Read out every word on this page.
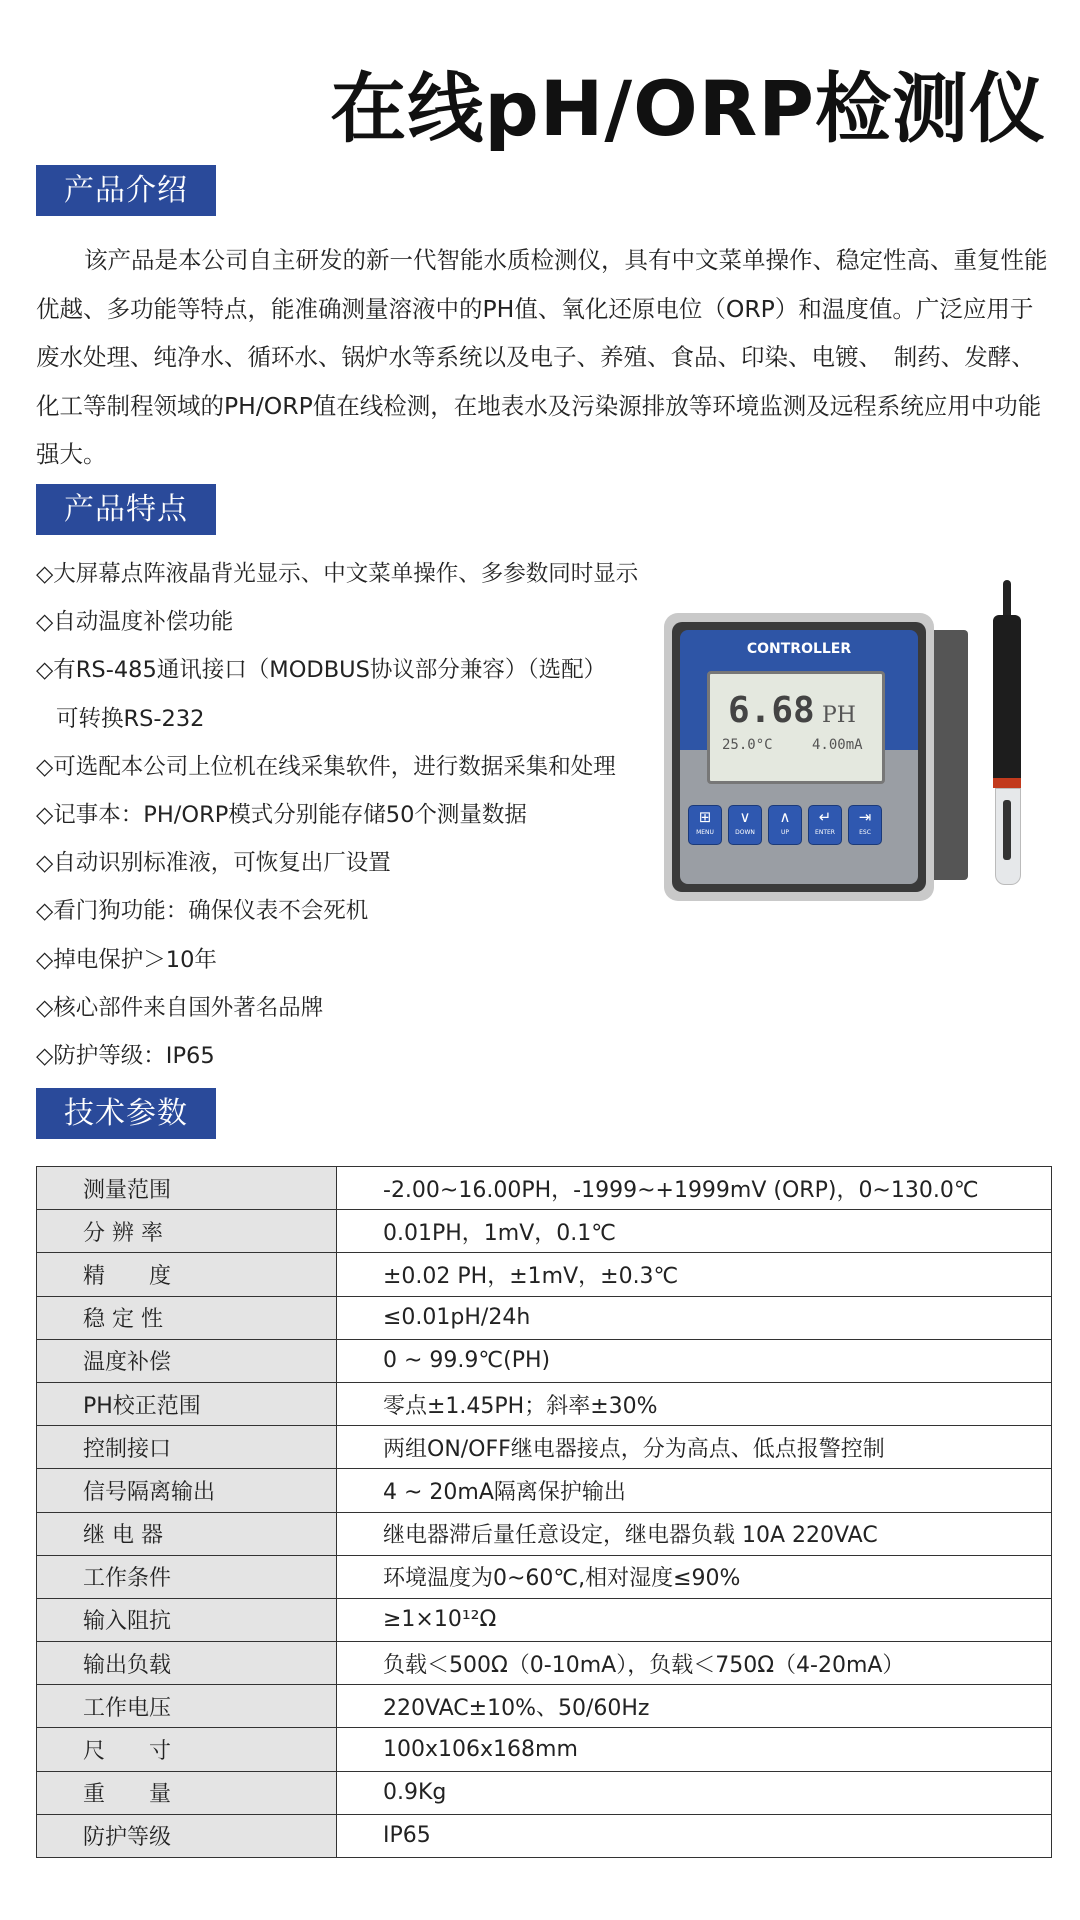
在线pH/ORP检测仪
产品介绍

该产品是本公司自主研发的新一代智能水质检测仪，具有中文菜单操作、稳定性高、重复性能优越、多功能等特点，能准确测量溶液中的PH值、氧化还原电位（ORP）和温度值。广泛应用于废水处理、纯净水、循环水、锅炉水等系统以及电子、养殖、食品、印染、电镀、　制药、发酵、化工等制程领域的PH/ORP值在线检测，在地表水及污染源排放等环境监测及远程系统应用中功能强大。

产品特点
◇大屏幕点阵液晶背光显示、中文菜单操作、多参数同时显示
◇自动温度补偿功能
◇有RS-485通讯接口（MODBUS协议部分兼容）（选配）
可转换RS-232
◇可选配本公司上位机在线采集软件，进行数据采集和处理
◇记事本：PH/ORP模式分别能存储50个测量数据
◇自动识别标准液，可恢复出厂设置
◇看门狗功能：确保仪表不会死机
◇掉电保护＞10年
◇核心部件来自国外著名品牌
◇防护等级：IP65
CONTROLLER
6.68 PH
25.0°C	4.00mA
⊞
MENU
∨
DOWN
∧
UP
↵
ENTER
⇥
ESC
技术参数
测量范围	-2.00~16.00PH，-1999~+1999mV (ORP)，0~130.0℃
分 辨 率	0.01PH，1mV，0.1℃
精　　度	±0.02 PH，±1mV，±0.3℃
稳 定 性	≤0.01pH/24h
温度补偿	0 ~ 99.9℃(PH)
PH校正范围	零点±1.45PH；斜率±30%
控制接口	两组ON/OFF继电器接点，分为高点、低点报警控制
信号隔离输出	4 ~ 20mA隔离保护输出
继 电 器	继电器滞后量任意设定，继电器负载 10A 220VAC
工作条件	环境温度为0~60℃,相对湿度≤90%
输入阻抗	≥1×10¹²Ω
输出负载	负载＜500Ω（0-10mA），负载＜750Ω（4-20mA）
工作电压	220VAC±10%、50/60Hz
尺　　寸	100x106x168mm
重　　量	0.9Kg
防护等级	IP65
